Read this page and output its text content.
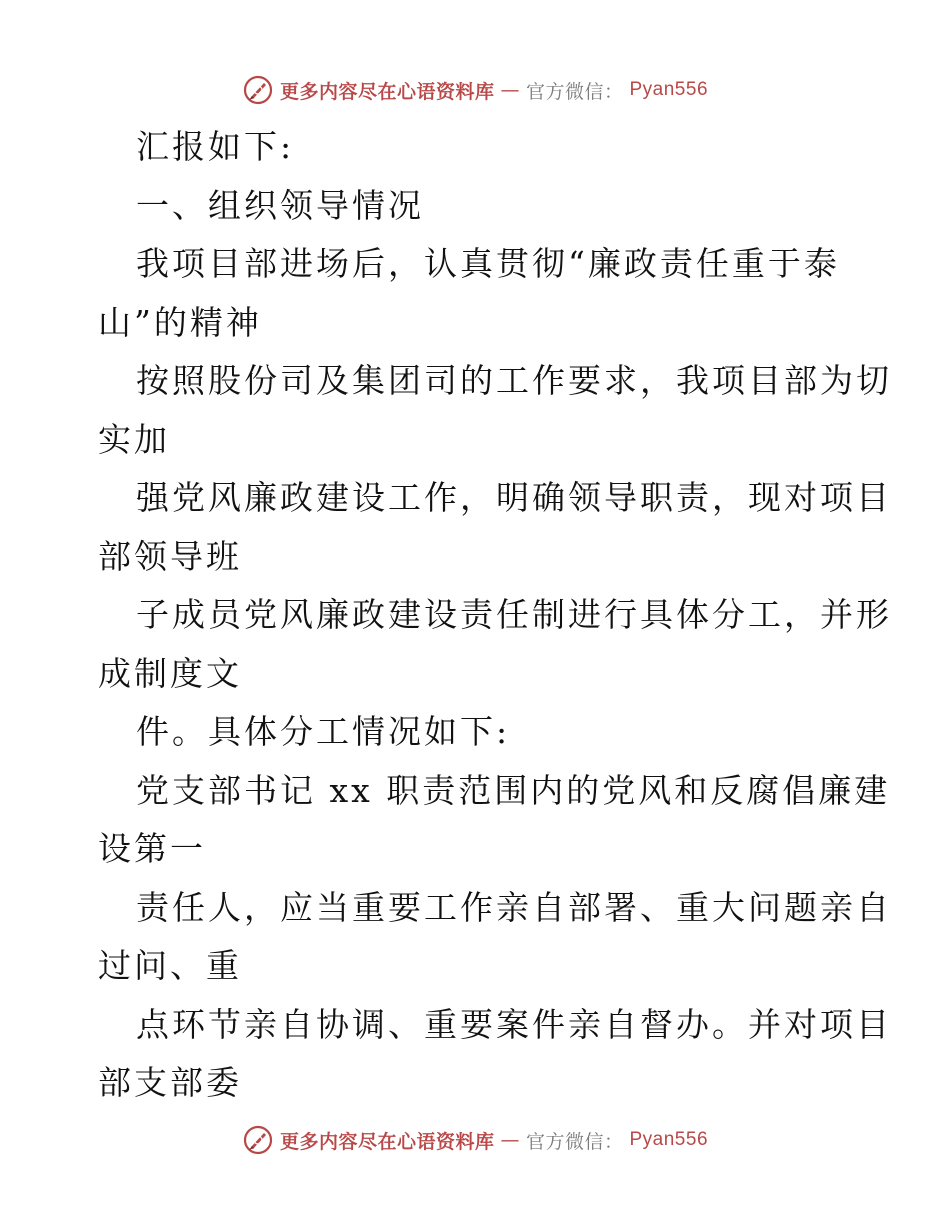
更多内容尽在心语资料库 — 官方微信： Pyan556
汇报如下:
一、组织领导情况
我项目部进场后，认真贯彻“廉政责任重于泰
山”的精神
按照股份司及集团司的工作要求，我项目部为切
实加
强党风廉政建设工作，明确领导职责，现对项目
部领导班
子成员党风廉政建设责任制进行具体分工，并形
成制度文
件。具体分工情况如下:
党支部书记 xx 职责范围内的党风和反腐倡廉建
设第一
责任人，应当重要工作亲自部署、重大问题亲自
过问、重
点环节亲自协调、重要案件亲自督办。并对项目
部支部委
更多内容尽在心语资料库 — 官方微信： Pyan556
